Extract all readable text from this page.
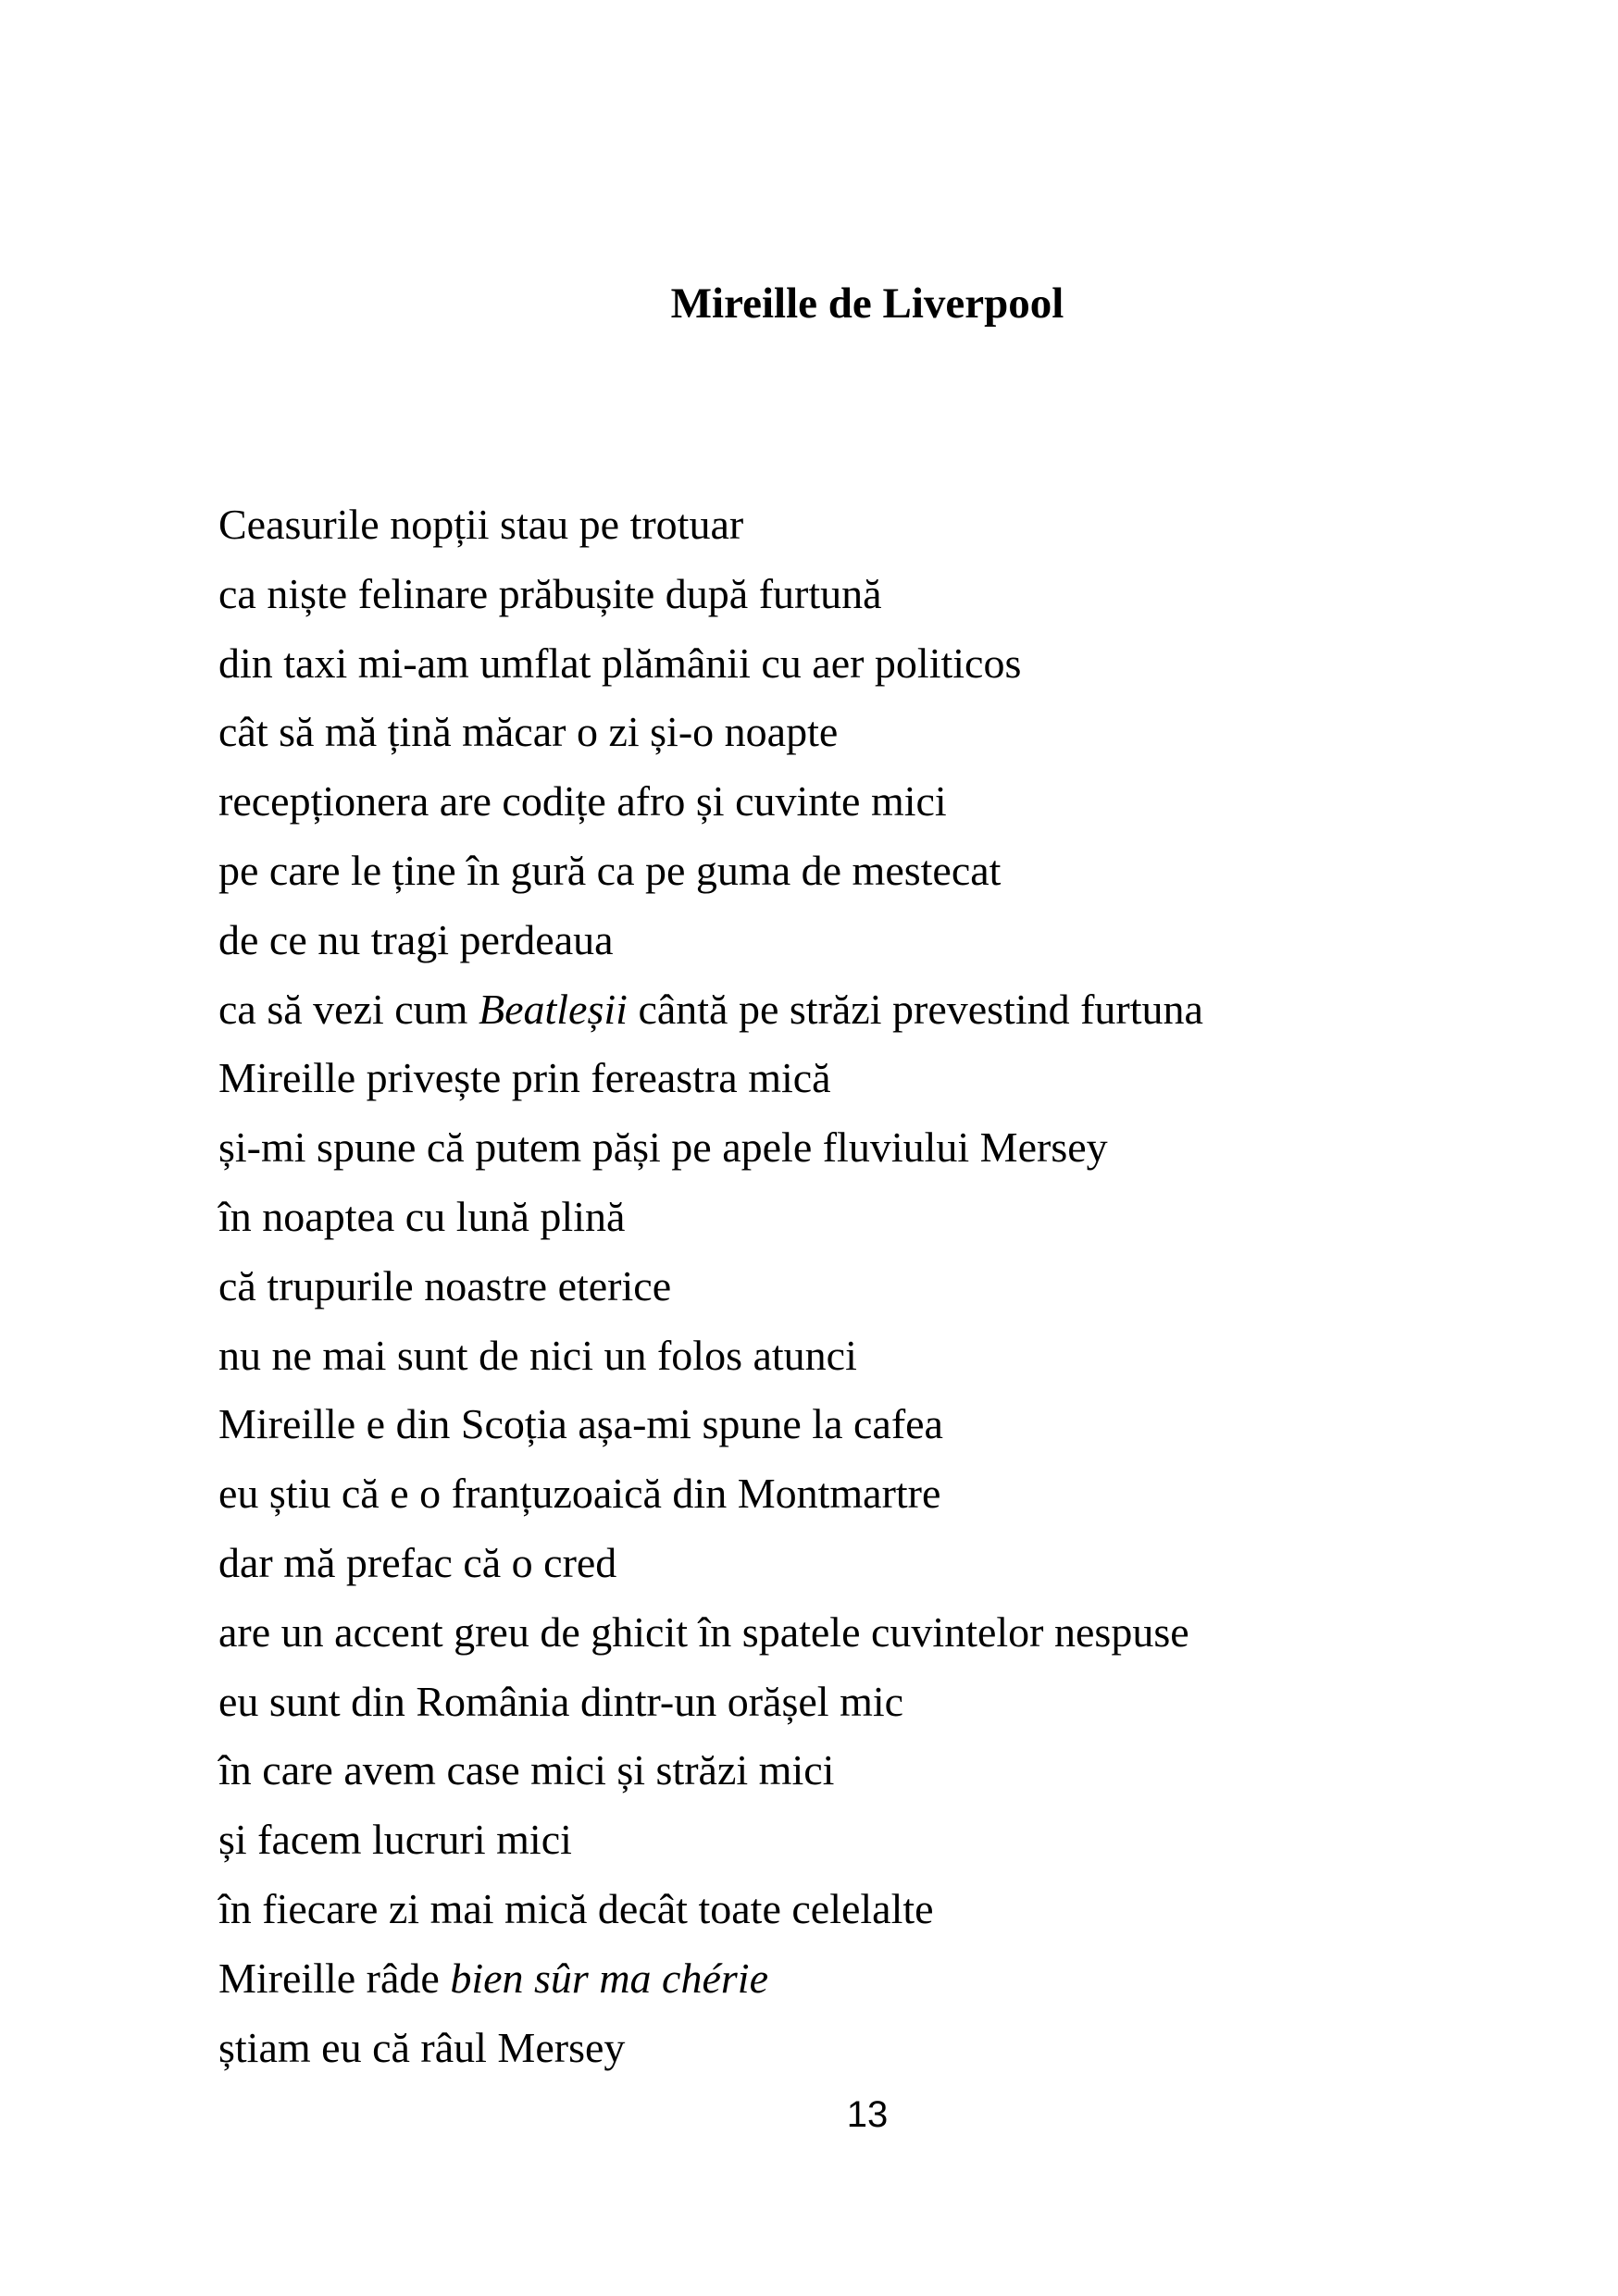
Mireille de Liverpool
Ceasurile nopții stau pe trotuar
ca niște felinare prăbușite după furtună
din taxi mi-am umflat plămânii cu aer politicos
cât să mă țină măcar o zi și-o noapte
recepționera are codițe afro și cuvinte mici
pe care le ține în gură ca pe guma de mestecat
de ce nu tragi perdeaua
ca să vezi cum Beatleșii cântă pe străzi prevestind furtuna
Mireille privește prin fereastra mică
și-mi spune că putem păși pe apele fluviului Mersey
în noaptea cu lună plină
că trupurile noastre eterice
nu ne mai sunt de nici un folos atunci
Mireille e din Scoția așa-mi spune la cafea
eu știu că e o franțuzoaică din Montmartre
dar mă prefac că o cred
are un accent greu de ghicit în spatele cuvintelor nespuse
eu sunt din România dintr-un orășel mic
în care avem case mici și străzi mici
și facem lucruri mici
în fiecare zi mai mică decât toate celelalte
Mireille râde bien sûr ma chérie
știam eu că râul Mersey
13
